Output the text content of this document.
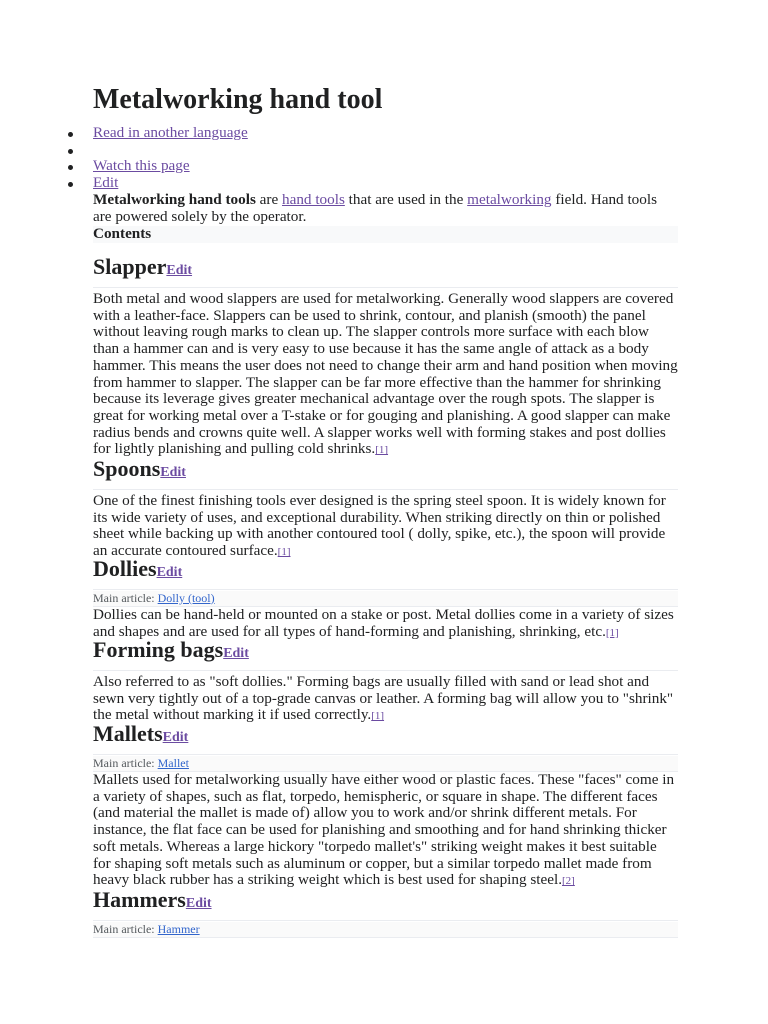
Metalworking hand tool
Read in another language
Watch this page
Edit

Metalworking hand tools are hand tools that are used in the metalworking field. Hand tools are powered solely by the operator.

Contents
SlapperEdit

Both metal and wood slappers are used for metalworking. Generally wood slappers are covered with a leather-face. Slappers can be used to shrink, contour, and planish (smooth) the panel without leaving rough marks to clean up. The slapper controls more surface with each blow than a hammer can and is very easy to use because it has the same angle of attack as a body hammer. This means the user does not need to change their arm and hand position when moving from hammer to slapper. The slapper can be far more effective than the hammer for shrinking because its leverage gives greater mechanical advantage over the rough spots. The slapper is great for working metal over a T-stake or for gouging and planishing. A good slapper can make radius bends and crowns quite well. A slapper works well with forming stakes and post dollies for lightly planishing and pulling cold shrinks.[1]

SpoonsEdit

One of the finest finishing tools ever designed is the spring steel spoon. It is widely known for its wide variety of uses, and exceptional durability. When striking directly on thin or polished sheet while backing up with another contoured tool ( dolly, spike, etc.), the spoon will provide an accurate contoured surface.[1]

DolliesEdit
Main article: Dolly (tool)

Dollies can be hand-held or mounted on a stake or post. Metal dollies come in a variety of sizes and shapes and are used for all types of hand-forming and planishing, shrinking, etc.[1]

Forming bagsEdit

Also referred to as "soft dollies." Forming bags are usually filled with sand or lead shot and sewn very tightly out of a top-grade canvas or leather. A forming bag will allow you to "shrink" the metal without marking it if used correctly.[1]

MalletsEdit
Main article: Mallet

Mallets used for metalworking usually have either wood or plastic faces. These "faces" come in a variety of shapes, such as flat, torpedo, hemispheric, or square in shape. The different faces (and material the mallet is made of) allow you to work and/or shrink different metals. For instance, the flat face can be used for planishing and smoothing and for hand shrinking thicker soft metals. Whereas a large hickory "torpedo mallet's" striking weight makes it best suitable for shaping soft metals such as aluminum or copper, but a similar torpedo mallet made from heavy black rubber has a striking weight which is best used for shaping steel.[2]

HammersEdit
Main article: Hammer
